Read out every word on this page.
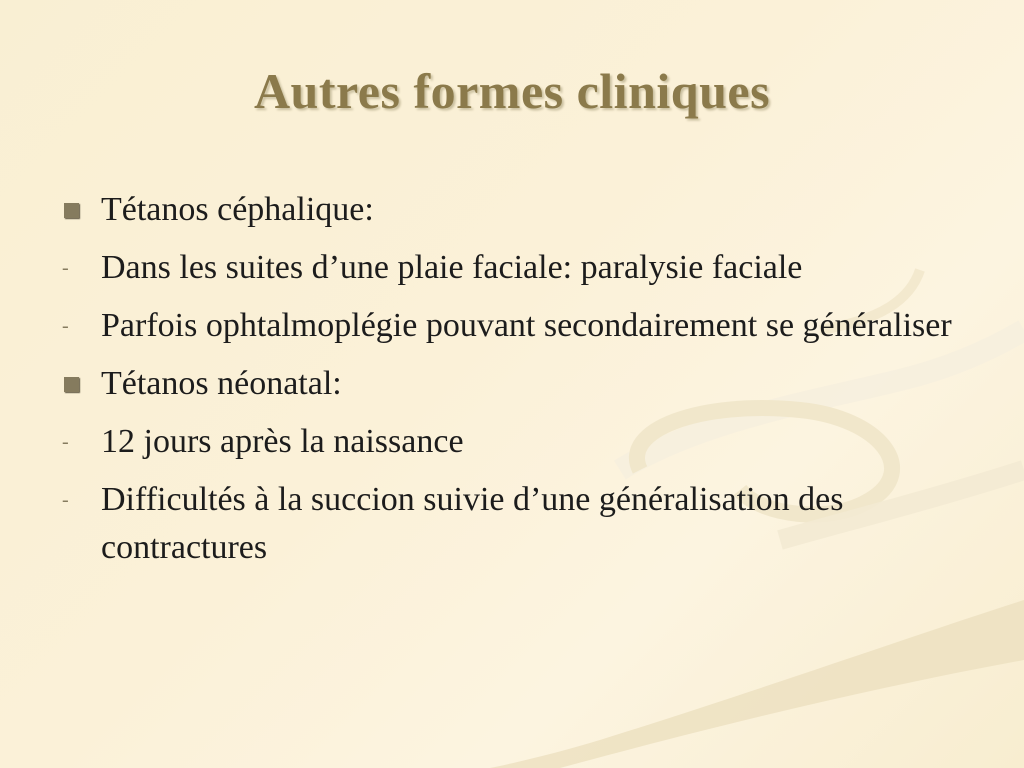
Autres formes cliniques
Tétanos céphalique:
- Dans les suites d’une plaie faciale: paralysie faciale
- Parfois ophtalmoplégie pouvant secondairement se généraliser
Tétanos néonatal:
- 12 jours après la naissance
- Difficultés à la succion suivie d’une généralisation des contractures
